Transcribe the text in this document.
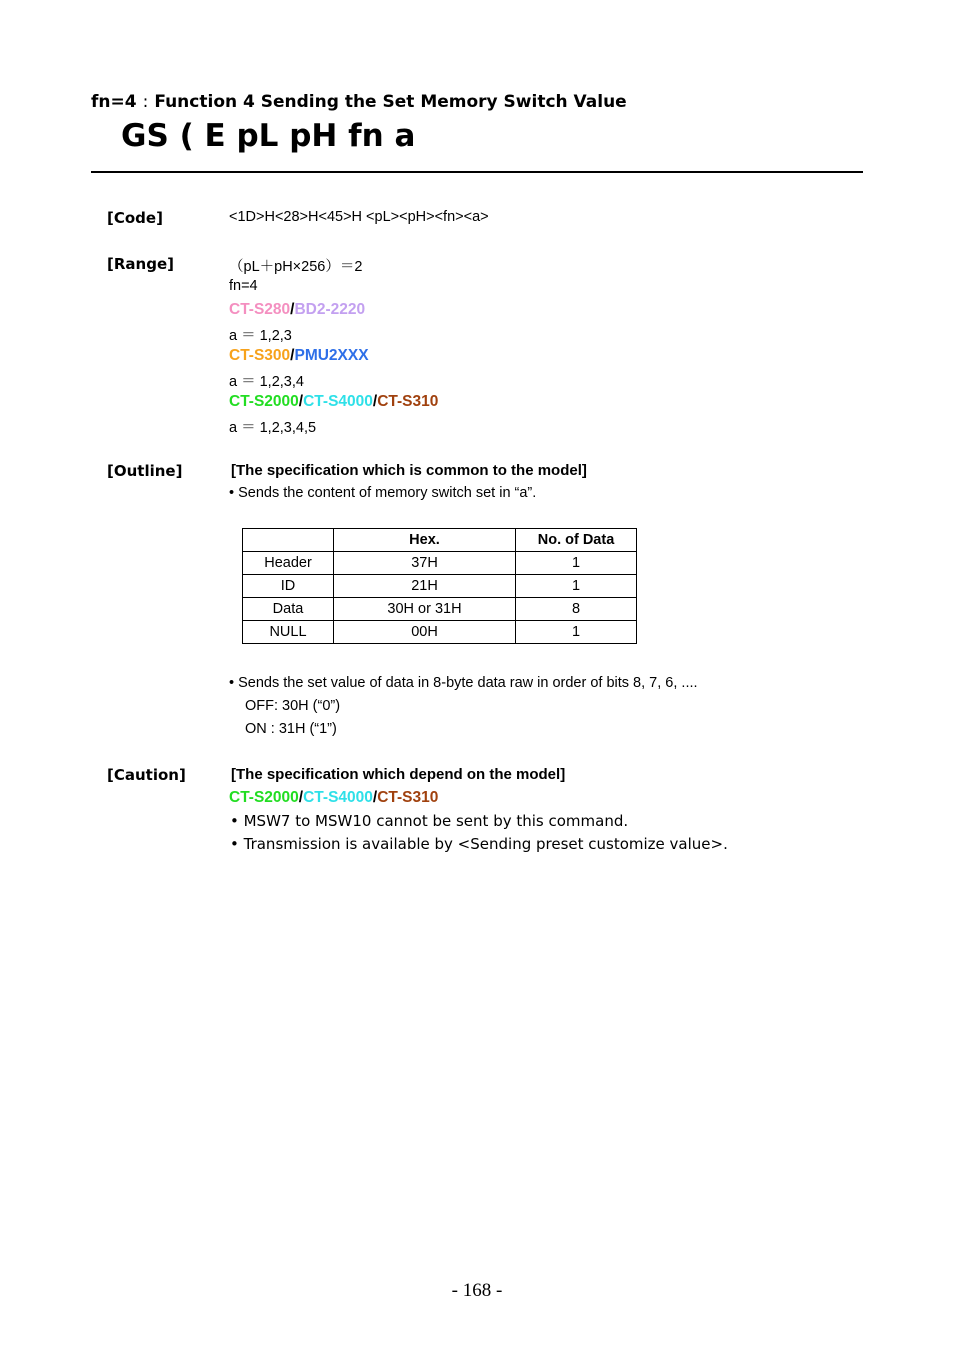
fn=4 : Function 4 Sending the Set Memory Switch Value
GS ( E pL pH fn a
[Code]	<1D>H<28>H<45>H <pL><pH><fn><a>
[Range]	（pL＋pH×256）＝2
fn=4
CT-S280/BD2-2220
a ＝ 1,2,3
CT-S300/PMU2XXX
a ＝ 1,2,3,4
CT-S2000/CT-S4000/CT-S310
a ＝ 1,2,3,4,5
[Outline]	[The specification which is common to the model]
• Sends the content of memory switch set in “a”.
	Hex.	No. of Data
Header	37H	1
ID	21H	1
Data	30H or 31H	8
NULL	00H	1
• Sends the set value of data in 8-byte data raw in order of bits 8, 7, 6, ....
OFF: 30H (“0”)
ON : 31H (“1”)
[Caution]	[The specification which depend on the model]
CT-S2000/CT-S4000/CT-S310
• MSW7 to MSW10 cannot be sent by this command.
• Transmission is available by <Sending preset customize value>.
- 168 -
